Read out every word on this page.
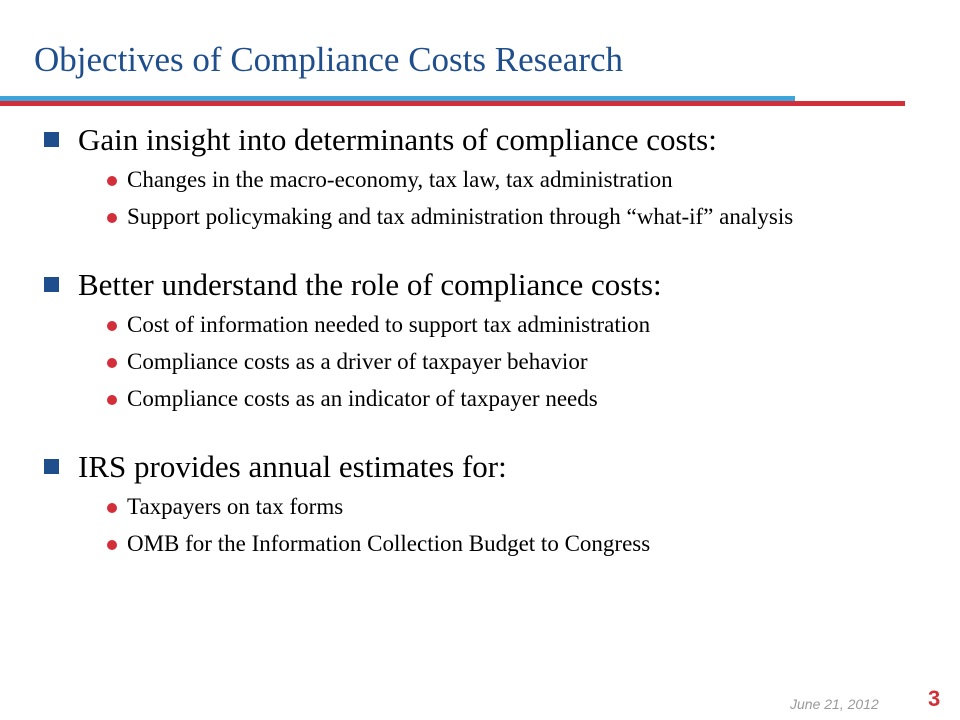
Objectives of Compliance Costs Research
Gain insight into determinants of compliance costs:
Changes in the macro-economy, tax law, tax administration
Support policymaking and tax administration through “what-if” analysis
Better understand the role of compliance costs:
Cost of information needed to support tax administration
Compliance costs as a driver of taxpayer behavior
Compliance costs as an indicator of taxpayer needs
IRS provides annual estimates for:
Taxpayers on tax forms
OMB for the Information Collection Budget to Congress
June 21, 2012 3
